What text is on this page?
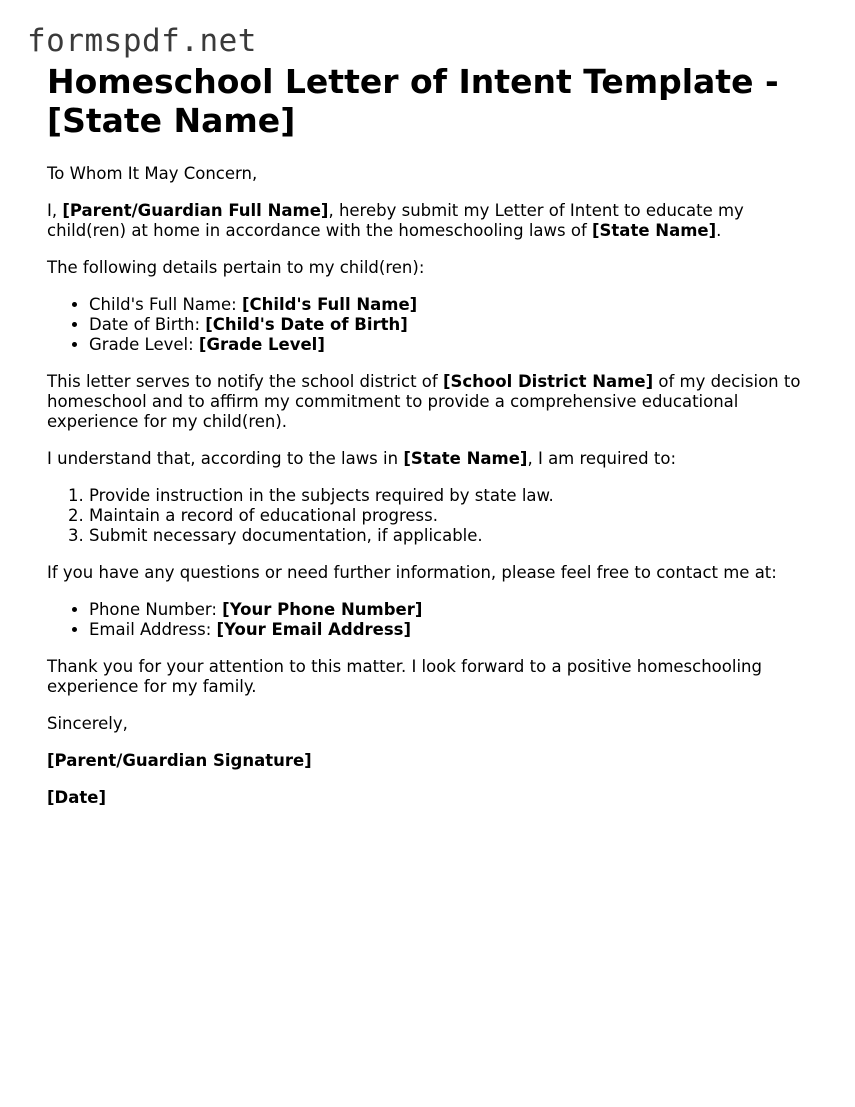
formspdf.net
Homeschool Letter of Intent Template - [State Name]

To Whom It May Concern,

I, [Parent/Guardian Full Name], hereby submit my Letter of Intent to educate my child(ren) at home in accordance with the homeschooling laws of [State Name].

The following details pertain to my child(ren):

• Child's Full Name: [Child's Full Name]
• Date of Birth: [Child's Date of Birth]
• Grade Level: [Grade Level]

This letter serves to notify the school district of [School District Name] of my decision to homeschool and to affirm my commitment to provide a comprehensive educational experience for my child(ren).

I understand that, according to the laws in [State Name], I am required to:

1. Provide instruction in the subjects required by state law.
2. Maintain a record of educational progress.
3. Submit necessary documentation, if applicable.

If you have any questions or need further information, please feel free to contact me at:

• Phone Number: [Your Phone Number]
• Email Address: [Your Email Address]

Thank you for your attention to this matter. I look forward to a positive homeschooling experience for my family.

Sincerely,

[Parent/Guardian Signature]

[Date]
